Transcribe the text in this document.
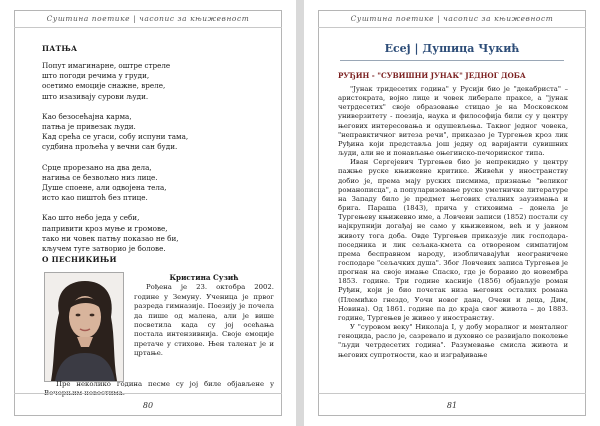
Суштина поетике | часопис за књижевност
ПАТЊА
Попут имагинарне, оштре стреле
што погоди речима у груди,
осетимо емоције снажне, вреле,
што изазивају сурови људи.
Као безосећајна карма,
патња је привезак људи.
Кад срећа се угаси, собу испуни тама,
судбина прољећа у вечни сан буди.
Срце прорезано на два дела,
нагиња се безвољно низ лице.
Душе споене, али одвојена тела,
исто као пиштоћ без птице.
Као што небо једа у себи,
папривити кроз муње и громове,
тако ни човек патњу показао не би,
кључем туге затворио је болове.
О ПЕСНИКИЊИ
Кристина Сузић

Рођена је 23. октобра 2002. године у Земуну. Ученица је првог разреда гимназије. Поезију је почела да пише од малена, али је више посветила када су јој осећања постала интензивнија. Своје емоције претаче у стихове. Њен таленат је и цртање.

Пре неколико година песме су јој биле објављене у Вечерњим новостима.

80
Суштина поетике | часопис за књижевност
Есеј | Душица Чукић
РУЂИН - "СУВИШНИ ЈУНАК" ЈЕДНОГ ДОБА

"Јунак тридесетих година" у Русији био је "декабриста" – аристократа, војно лице и човек либерале праксе, а "јунак четрдесетих" своје образовање стицао је на Московском универзитету - поезија, наука и философија били су у центру његових интересовања и одушевљења. Таквог једног човека, "неправктичног витеза речи", приказао је Тургењев кроз лик Руђина који представља још једну од варијанти сувишних људи, али не и понављање оњегинско-печоринског типа.

Иван Сергејевич Тургењев био је непрекидно у центру пажње руске књижевне критике. Живећи у иностранству добио је, према мају руских писмима, признање "великог романописца", а популаризовање руске уметничке литературе на Западу било је предмет његових сталних заузимања и брига. Параша (1843), прича у стиховима – донела је Тургењеву књижевно име, а Ловчеви записи (1852) постали су најкрупнији догађај не само у књижевном, већ и у јавном животу тога доба. Овде Тургењев приказује лик господара-поседника и лик сељака-кмета са отвореном симпатијом према бесправном народу, изобличавајући неограничене господаре "сељачких душа". Због Ловчевих записа Тургењев је прогнан на своје имање Спаско, где је боравио до новембра 1853. године. Три године касније (1856) објављује роман Руђин, који је био почетак низа његових осталих романа (Племићко гнездо, Уочи новог дана, Очеви и деца, Дим, Новина). Од 1861. године па до краја свог живота – до 1883. године, Тургењев је живео у иностранству.

У "суровом веку" Николаја I, у добу моралног и менталног геноцида, расло је, сазревало и духовно се развијало поколење "људи четрдесетих година". Разумевање смисла живота и његових супротности, као и изграђивање

81
